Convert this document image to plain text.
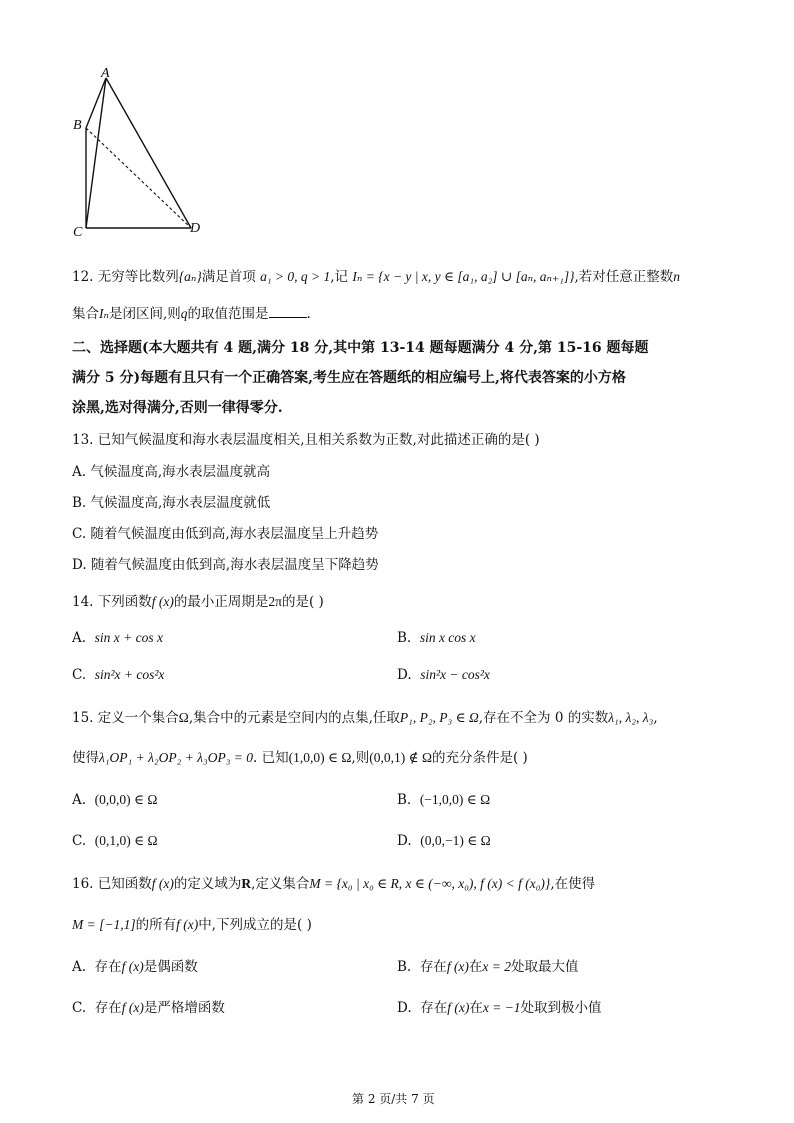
A
B
C	D
12. 无穷等比数列{aₙ}满足首项 a₁ > 0, q > 1,记 Iₙ = {x − y | x, y ∈ [a₁, a₂] ∪ [aₙ, aₙ₊₁]},若对任意正整数n
集合Iₙ是闭区间,则q的取值范围是	.
二、选择题(本大题共有 4 题,满分 18 分,其中第 13-14 题每题满分 4 分,第 15-16 题每题
满分 5 分)每题有且只有一个正确答案,考生应在答题纸的相应编号上,将代表答案的小方格
涂黑,选对得满分,否则一律得零分.
13. 已知气候温度和海水表层温度相关,且相关系数为正数,对此描述正确的是( )
A. 气候温度高,海水表层温度就高
B. 气候温度高,海水表层温度就低
C. 随着气候温度由低到高,海水表层温度呈上升趋势
D. 随着气候温度由低到高,海水表层温度呈下降趋势
14. 下列函数f (x)的最小正周期是2π的是( )
A. sin x + cos x	B. sin x cos x
C. sin²x + cos²x	D. sin²x − cos²x
15. 定义一个集合Ω,集合中的元素是空间内的点集,任取P₁, P₂, P₃ ∈ Ω,存在不全为 0 的实数λ₁, λ₂, λ₃,
使得λ₁OP₁ + λ₂OP₂ + λ₃OP₃ = 0. 已知(1,0,0) ∈ Ω,则(0,0,1) ∉ Ω的充分条件是( )
A. (0,0,0) ∈ Ω	B. (−1,0,0) ∈ Ω
C. (0,1,0) ∈ Ω	D. (0,0,−1) ∈ Ω
16. 已知函数f (x)的定义域为R,定义集合M = {x₀ | x₀ ∈ R, x ∈ (−∞, x₀), f (x) < f (x₀)},在使得
M = [−1,1]的所有f (x)中,下列成立的是( )
A. 存在f (x)是偶函数	B. 存在f (x)在x = 2处取最大值
C. 存在f (x)是严格增函数	D. 存在f (x)在x = −1处取到极小值
第 2 页/共 7 页
